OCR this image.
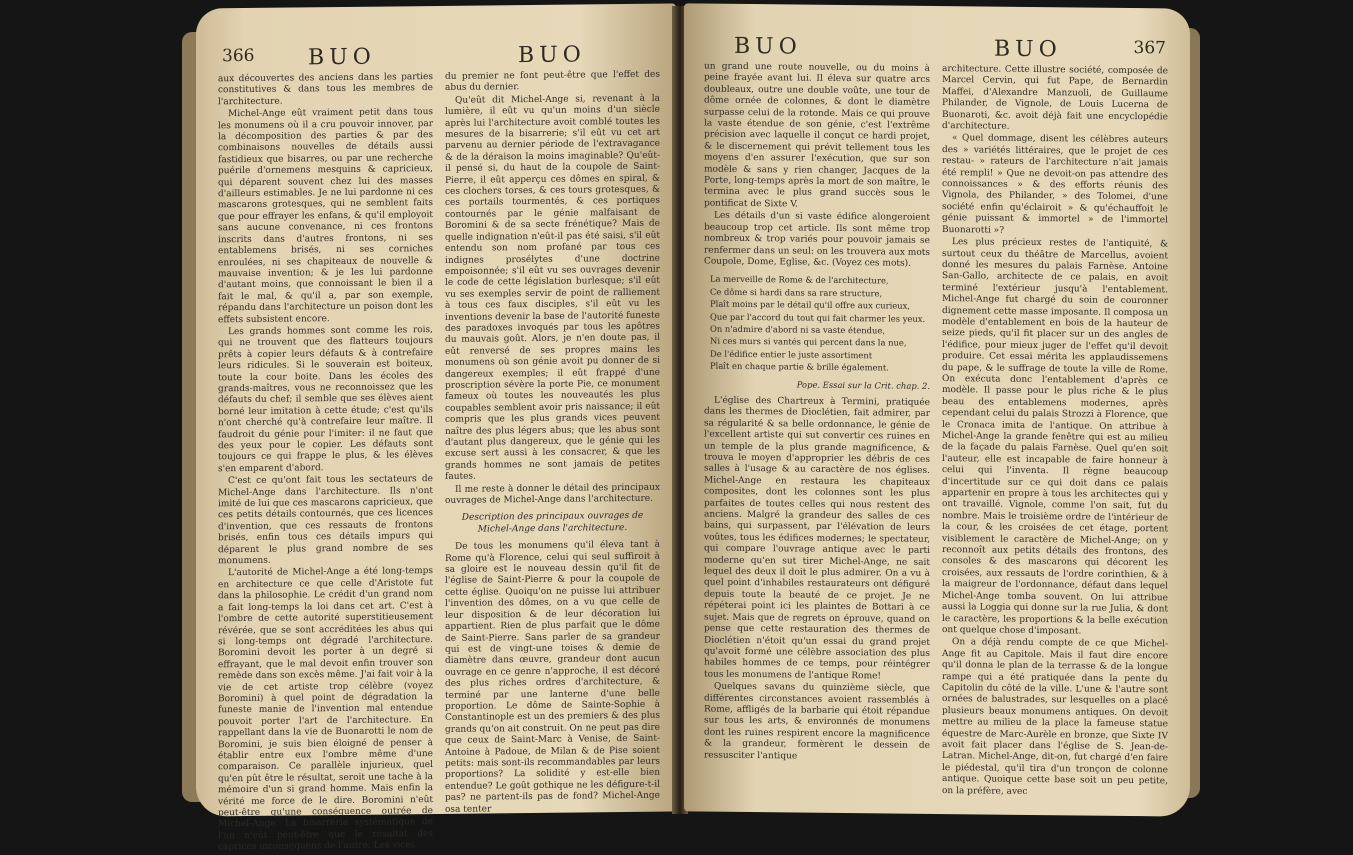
366 BUO	BUO

aux découvertes des anciens dans les parties constitutives & dans tous les membres de l'architecture.

Michel-Ange eût vraiment petit dans tous les monumens où il a cru pouvoir innover, par la décomposition des parties & par des combinaisons nouvelles de détails aussi fastidieux que bisarres, ou par une recherche puérile d'ornemens mesquins & capricieux, qui déparent souvent chez lui des masses d'ailleurs estimables. Je ne lui pardonne ni ces mascarons grotesques, qui ne semblent faits que pour effrayer les enfans, & qu'il employoit sans aucune convenance, ni ces frontons inscrits dans d'autres frontons, ni ses entablemens brisés, ni ses corniches enroulées, ni ses chapiteaux de nouvelle & mauvaise invention; & je les lui pardonne d'autant moins, que connoissant le bien il a fait le mal, & qu'il a, par son exemple, répandu dans l'architecture un poison dont les effets subsistent encore.

Les grands hommes sont comme les rois, qui ne trouvent que des flatteurs toujours prêts à copier leurs défauts & à contrefaire leurs ridicules. Si le souverain est boiteux, toute la cour boite. Dans les écoles des grands-maîtres, vous ne reconnoissez que les défauts du chef; il semble que ses élèves aient borné leur imitation à cette étude; c'est qu'ils n'ont cherché qu'à contrefaire leur maître. Il faudroit du génie pour l'imiter: il ne faut que des yeux pour le copier. Les défauts sont toujours ce qui frappe le plus, & les élèves s'en emparent d'abord.

C'est ce qu'ont fait tous les sectateurs de Michel-Ange dans l'architecture. Ils n'ont imité de lui que ces mascarons capricieux, que ces petits détails contournés, que ces licences d'invention, que ces ressauts de frontons brisés, enfin tous ces détails impurs qui déparent le plus grand nombre de ses monumens.

L'autorité de Michel-Ange a été long-temps en architecture ce que celle d'Aristote fut dans la philosophie. Le crédit d'un grand nom a fait long-temps la loi dans cet art. C'est à l'ombre de cette autorité superstitieusement révérée, que se sont accréditées les abus qui si long-temps ont dégradé l'architecture. Boromini devoit les porter à un degré si effrayant, que le mal devoit enfin trouver son remède dans son excès même. J'ai fait voir à la vie de cet artiste trop célèbre (voyez Boromini) à quel point de dégradation la funeste manie de l'invention mal entendue pouvoit porter l'art de l'architecture. En rappellant dans la vie de Buonarotti le nom de Boromini, je suis bien éloigné de penser à établir entre eux l'ombre même d'une comparaison. Ce parallèle injurieux, quel qu'en pût être le résultat, seroit une tache à la mémoire d'un si grand homme. Mais enfin la vérité me force de le dire. Boromini n'eût peut-être qu'une conséquence outrée de Michel-Ange. La bisarrerie systématique de l'un n'eût peut-être que le résultat des caprices inconséquens de l'autre. Les vices

du premier ne font peut-être que l'effet des abus du dernier.

Qu'eût dit Michel-Ange si, revenant à la lumière, il eût vu qu'un moins d'un siècle après lui l'architecture avoit comblé toutes les mesures de la bisarrerie; s'il eût vu cet art parvenu au dernier période de l'extravagance & de la déraison la moins imaginable? Qu'eût-il pensé si, du haut de la coupole de Saint-Pierre, il eût apperçu ces dômes en spiral, & ces clochers torses, & ces tours grotesques, & ces portails tourmentés, & ces portiques contournés par le génie malfaisant de Boromini & de sa secte frénétique? Mais de quelle indignation n'eût-il pas été saisi, s'il eût entendu son nom profané par tous ces indignes prosélytes d'une doctrine empoisonnée; s'il eût vu ses ouvrages devenir le code de cette législation burlesque; s'il eût vu ses exemples servir de point de ralliement à tous ces faux disciples, s'il eût vu les inventions devenir la base de l'autorité funeste des paradoxes invoqués par tous les apôtres du mauvais goût. Alors, je n'en doute pas, il eût renversé de ses propres mains les monumens où son génie avoit pu donner de si dangereux exemples; il eût frappé d'une proscription sévère la porte Pie, ce monument fameux où toutes les nouveautés les plus coupables semblent avoir pris naissance; il eût compris que les plus grands vices peuvent naître des plus légers abus; que les abus sont d'autant plus dangereux, que le génie qui les excuse sert aussi à les consacrer, & que les grands hommes ne sont jamais de petites fautes.

Il me reste à donner le détail des principaux ouvrages de Michel-Ange dans l'architecture.

Description des principaux ouvrages de Michel-Ange dans l'architecture.

De tous les monumens qu'il éleva tant à Rome qu'à Florence, celui qui seul suffiroit à sa gloire est le nouveau dessin qu'il fit de l'église de Saint-Pierre & pour la coupole de cette église. Quoiqu'on ne puisse lui attribuer l'invention des dômes, on a vu que celle de leur disposition & de leur décoration lui appartient. Rien de plus parfait que le dôme de Saint-Pierre. Sans parler de sa grandeur qui est de vingt-une toises & demie de diamètre dans œuvre, grandeur dont aucun ouvrage en ce genre n'approche, il est décoré des plus riches ordres d'architecture, & terminé par une lanterne d'une belle proportion. Le dôme de Sainte-Sophie à Constantinople est un des premiers & des plus grands qu'on ait construit. On ne peut pas dire que ceux de Saint-Marc à Venise, de Saint-Antoine à Padoue, de Milan & de Pise soient petits: mais sont-ils recommandables par leurs proportions? La solidité y est-elle bien entendue? Le goût gothique ne les défigure-t-il pas? ne partent-ils pas de fond? Michel-Ange osa tenter

BUO	BUO	367

un grand une route nouvelle, ou du moins à peine frayée avant lui. Il éleva sur quatre arcs doubleaux, outre une double voûte, une tour de dôme ornée de colonnes, & dont le diamètre surpasse celui de la rotonde. Mais ce qui prouve la vaste étendue de son génie, c'est l'extrême précision avec laquelle il conçut ce hardi projet, & le discernement qui prévit tellement tous les moyens d'en assurer l'exécution, que sur son modèle & sans y rien changer, Jacques de la Porte, long-temps après la mort de son maître, le termina avec le plus grand succès sous le pontificat de Sixte V.

Les détails d'un si vaste édifice alongeroient beaucoup trop cet article. Ils sont même trop nombreux & trop variés pour pouvoir jamais se renfermer dans un seul: on les trouvera aux mots Coupole, Dome, Eglise, &c. (Voyez ces mots).

La merveille de Rome & de l'architecture,
Ce dôme si hardi dans sa rare structure,
Plaît moins par le détail qu'il offre aux curieux,
Que par l'accord du tout qui fait charmer les yeux.
On n'admire d'abord ni sa vaste étendue,
Ni ces murs si vantés qui percent dans la nue,
De l'édifice entier le juste assortiment
Plaît en chaque partie & brille également.
Pope. Essai sur la Crit. chap. 2.

L'église des Chartreux à Termini, pratiquée dans les thermes de Dioclétien, fait admirer, par sa régularité & sa belle ordonnance, le génie de l'excellent artiste qui sut convertir ces ruines en un temple de la plus grande magnificence, & trouva le moyen d'approprier les débris de ces salles à l'usage & au caractère de nos églises. Michel-Ange en restaura les chapiteaux composites, dont les colonnes sont les plus parfaites de toutes celles qui nous restent des anciens. Malgré la grandeur des salles de ces bains, qui surpassent, par l'élévation de leurs voûtes, tous les édifices modernes; le spectateur, qui compare l'ouvrage antique avec le parti moderne qu'en sut tirer Michel-Ange, ne sait lequel des deux il doit le plus admirer. On a vu à quel point d'inhabiles restaurateurs ont défiguré depuis toute la beauté de ce projet. Je ne répéterai point ici les plaintes de Bottari à ce sujet. Mais que de regrets on éprouve, quand on pense que cette restauration des thermes de Dioclétien n'étoit qu'un essai du grand projet qu'avoit formé une célèbre association des plus habiles hommes de ce temps, pour réintégrer tous les monumens de l'antique Rome!

Quelques savans du quinzième siècle, que différentes circonstances avoient rassemblés à Rome, affligés de la barbarie qui étoit répandue sur tous les arts, & environnés de monumens dont les ruines respirent encore la magnificence & la grandeur, formèrent le dessein de ressusciter l'antique

architecture. Cette illustre société, composée de Marcel Cervin, qui fut Pape, de Bernardin Maffei, d'Alexandre Manzuoli, de Guillaume Philander, de Vignole, de Louis Lucerna de Buonaroti, &c. avoit déjà fait une encyclopédie d'architecture.

« Quel dommage, disent les célèbres auteurs des » variétés littéraires, que le projet de ces restau- » rateurs de l'architecture n'ait jamais été rempli! » Que ne devoit-on pas attendre des connoissances » & des efforts réunis des Vignola, des Philander, » des Tolomei, d'une société enfin qu'éclairoit » & qu'échauffoit le génie puissant & immortel » de l'immortel Buonarotti »?

Les plus précieux restes de l'antiquité, & surtout ceux du théâtre de Marcellus, avoient donné les mesures du palais Farnèse. Antoine San-Gallo, architecte de ce palais, en avoit terminé l'extérieur jusqu'à l'entablement. Michel-Ange fut chargé du soin de couronner dignement cette masse imposante. Il composa un modèle d'entablement en bois de la hauteur de seize pieds, qu'il fit placer sur un des angles de l'édifice, pour mieux juger de l'effet qu'il devoit produire. Cet essai mérita les applaudissemens du pape, & le suffrage de toute la ville de Rome. On exécuta donc l'entablement d'après ce modèle. Il passe pour le plus riche & le plus beau des entablemens modernes, après cependant celui du palais Strozzi à Florence, que le Cronaca imita de l'antique. On attribue à Michel-Ange la grande fenêtre qui est au milieu de la façade du palais Farnèse. Quel qu'en soit l'auteur, elle est incapable de faire honneur à celui qui l'inventa. Il règne beaucoup d'incertitude sur ce qui doit dans ce palais appartenir en propre à tous les architectes qui y ont travaillé. Vignole, comme l'on sait, fut du nombre. Mais le troisième ordre de l'intérieur de la cour, & les croisées de cet étage, portent visiblement le caractère de Michel-Ange; on y reconnoît aux petits détails des frontons, des consoles & des mascarons qui décorent les croisées, aux ressauts de l'ordre corinthien, & à la maigreur de l'ordonnance, défaut dans lequel Michel-Ange tomba souvent. On lui attribue aussi la Loggia qui donne sur la rue Julia, & dont le caractère, les proportions & la belle exécution ont quelque chose d'imposant.

On a déjà rendu compte de ce que Michel-Ange fit au Capitole. Mais il faut dire encore qu'il donna le plan de la terrasse & de la longue rampe qui a été pratiquée dans la pente du Capitolin du côté de la ville. L'une & l'autre sont ornées de balustrades, sur lesquelles on a placé plusieurs beaux monumens antiques. On devoit mettre au milieu de la place la fameuse statue équestre de Marc-Aurèle en bronze, que Sixte IV avoit fait placer dans l'église de S. Jean-de-Latran. Michel-Ange, dit-on, fut chargé d'en faire le piédestal, qu'il tira d'un tronçon de colonne antique. Quoique cette base soit un peu petite, on la préfère, avec
